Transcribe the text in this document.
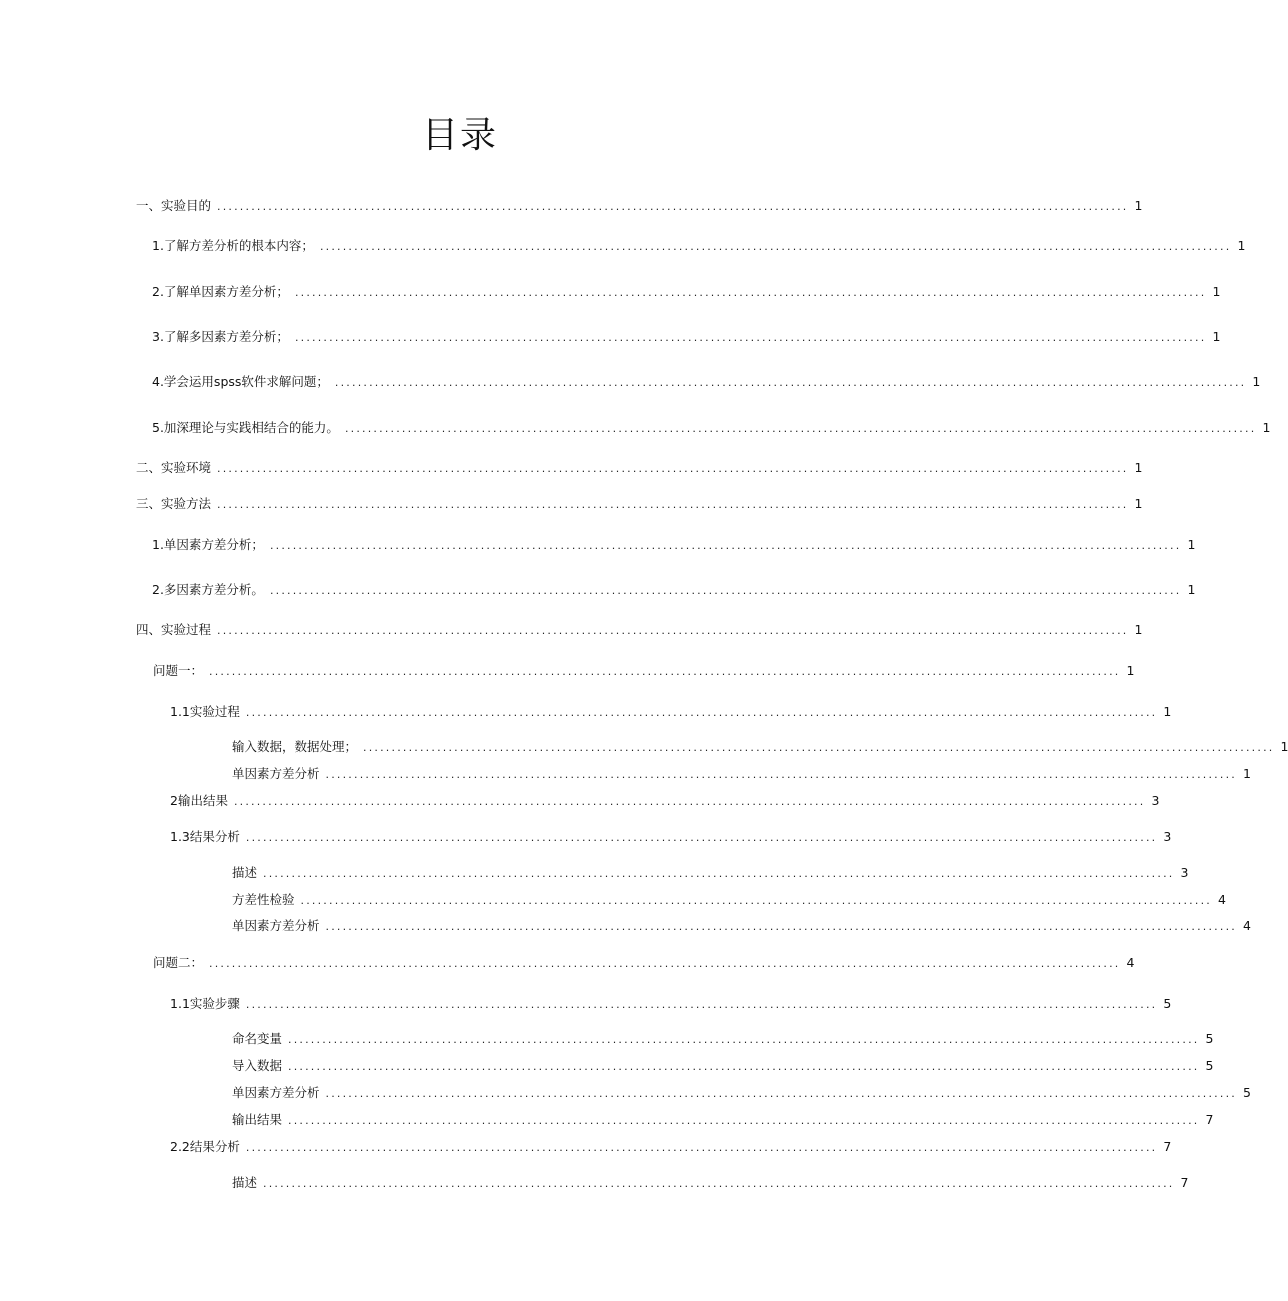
目录
一、实验目的 ................................................................................................................................................................ 1
1 .了解方差分析的根本内容； ................................................................................................................................................................ 1
2 .了解单因素方差分析； ................................................................................................................................................................ 1
3 .了解多因素方差分析； ................................................................................................................................................................ 1
4 .学会运用spss软件求解问题； ................................................................................................................................................................ 1
5 .加深理论与实践相结合的能力。 ................................................................................................................................................................ 1
二、实验环境 ................................................................................................................................................................ 1
三、实验方法 ................................................................................................................................................................ 1
1 .单因素方差分析； ................................................................................................................................................................ 1
2 .多因素方差分析。 ................................................................................................................................................................ 1
四、实验过程 ................................................................................................................................................................ 1
问题一： ................................................................................................................................................................ 1
1.1 实验过程 ................................................................................................................................................................ 1
输入数据，数据处理； ................................................................................................................................................................ 1
单因素方差分析 ................................................................................................................................................................ 1
2输出结果 ................................................................................................................................................................ 3
1.3结果分析 ................................................................................................................................................................ 3
描述 ................................................................................................................................................................ 3
方差性检验 ................................................................................................................................................................ 4
单因素方差分析 ................................................................................................................................................................ 4
问题二： ................................................................................................................................................................ 4
1. 1实验步骤 ................................................................................................................................................................ 5
命名变量 ................................................................................................................................................................ 5
导入数据 ................................................................................................................................................................ 5
单因素方差分析 ................................................................................................................................................................ 5
输出结果 ................................................................................................................................................................ 7
2.2结果分析 ................................................................................................................................................................ 7
描述 ................................................................................................................................................................ 7
